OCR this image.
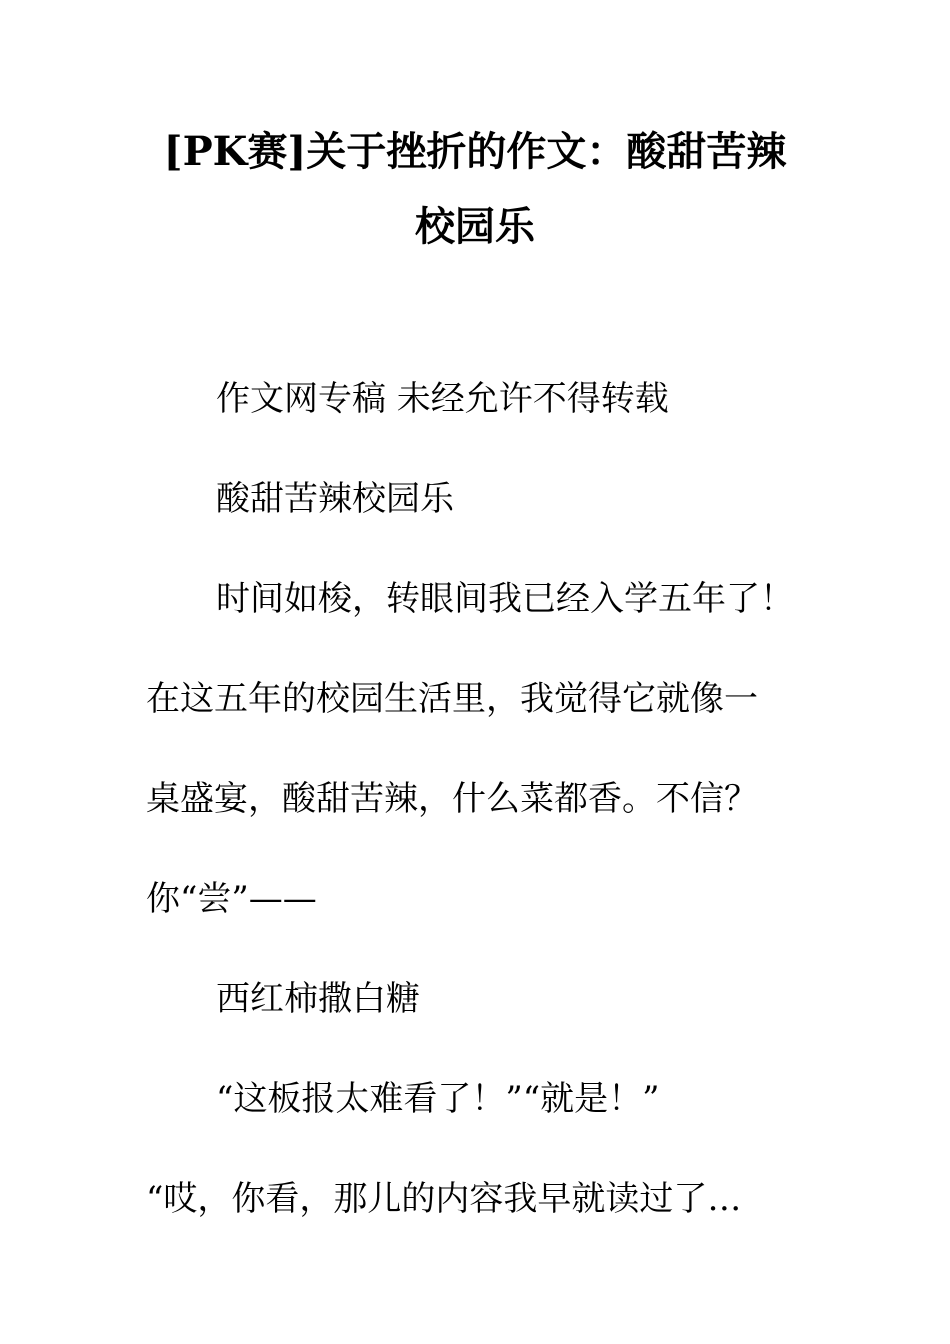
[PK赛]关于挫折的作文：酸甜苦辣
校园乐
作文网专稿 未经允许不得转载
酸甜苦辣校园乐
时间如梭，转眼间我已经入学五年了！
在这五年的校园生活里，我觉得它就像一
桌盛宴，酸甜苦辣，什么菜都香。不信？
你“尝”——
西红柿撒白糖
“这板报太难看了！”“就是！”
“哎，你看，那儿的内容我早就读过了…
